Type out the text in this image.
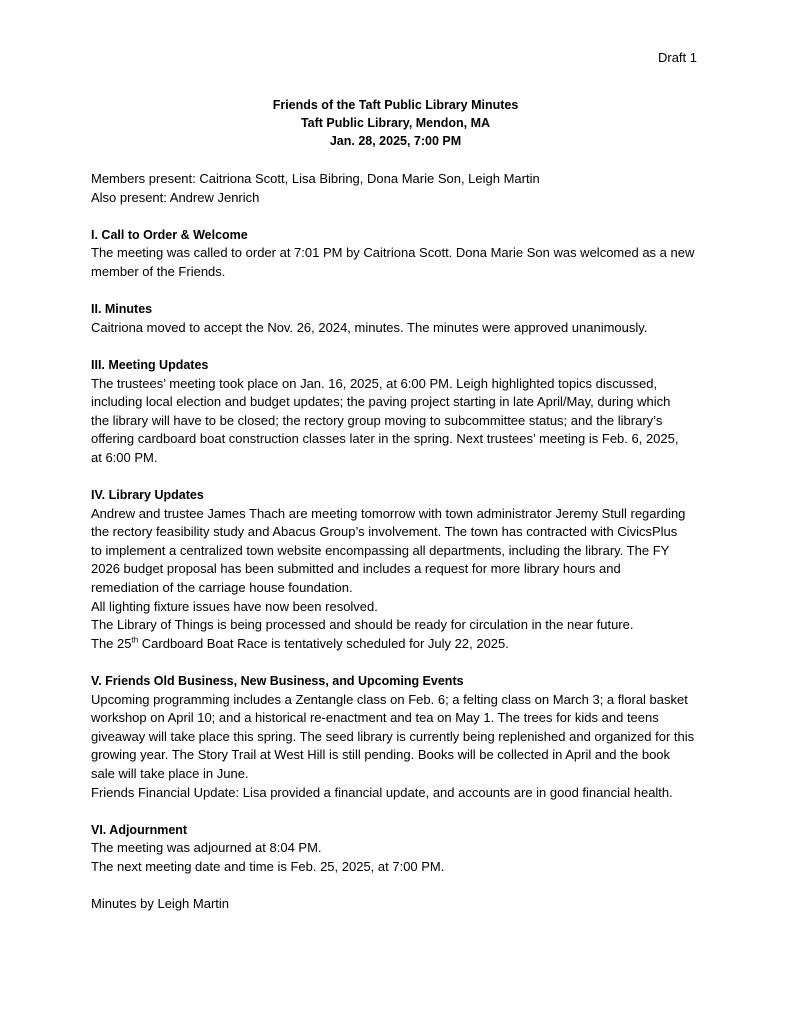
Draft 1
Friends of the Taft Public Library Minutes
Taft Public Library, Mendon, MA
Jan. 28, 2025, 7:00 PM
Members present: Caitriona Scott, Lisa Bibring, Dona Marie Son, Leigh Martin
Also present: Andrew Jenrich
I. Call to Order & Welcome
The meeting was called to order at 7:01 PM by Caitriona Scott. Dona Marie Son was welcomed as a new
member of the Friends.
II. Minutes
Caitriona moved to accept the Nov. 26, 2024, minutes. The minutes were approved unanimously.
III. Meeting Updates
The trustees’ meeting took place on Jan. 16, 2025, at 6:00 PM. Leigh highlighted topics discussed,
including local election and budget updates; the paving project starting in late April/May, during which
the library will have to be closed; the rectory group moving to subcommittee status; and the library’s
offering cardboard boat construction classes later in the spring. Next trustees’ meeting is Feb. 6, 2025,
at 6:00 PM.
IV. Library Updates
Andrew and trustee James Thach are meeting tomorrow with town administrator Jeremy Stull regarding
the rectory feasibility study and Abacus Group’s involvement. The town has contracted with CivicsPlus
to implement a centralized town website encompassing all departments, including the library. The FY
2026 budget proposal has been submitted and includes a request for more library hours and
remediation of the carriage house foundation.
All lighting fixture issues have now been resolved.
The Library of Things is being processed and should be ready for circulation in the near future.
The 25th Cardboard Boat Race is tentatively scheduled for July 22, 2025.
V. Friends Old Business, New Business, and Upcoming Events
Upcoming programming includes a Zentangle class on Feb. 6; a felting class on March 3; a floral basket
workshop on April 10; and a historical re-enactment and tea on May 1. The trees for kids and teens
giveaway will take place this spring. The seed library is currently being replenished and organized for this
growing year. The Story Trail at West Hill is still pending. Books will be collected in April and the book
sale will take place in June.
Friends Financial Update: Lisa provided a financial update, and accounts are in good financial health.
VI. Adjournment
The meeting was adjourned at 8:04 PM.
The next meeting date and time is Feb. 25, 2025, at 7:00 PM.
Minutes by Leigh Martin
